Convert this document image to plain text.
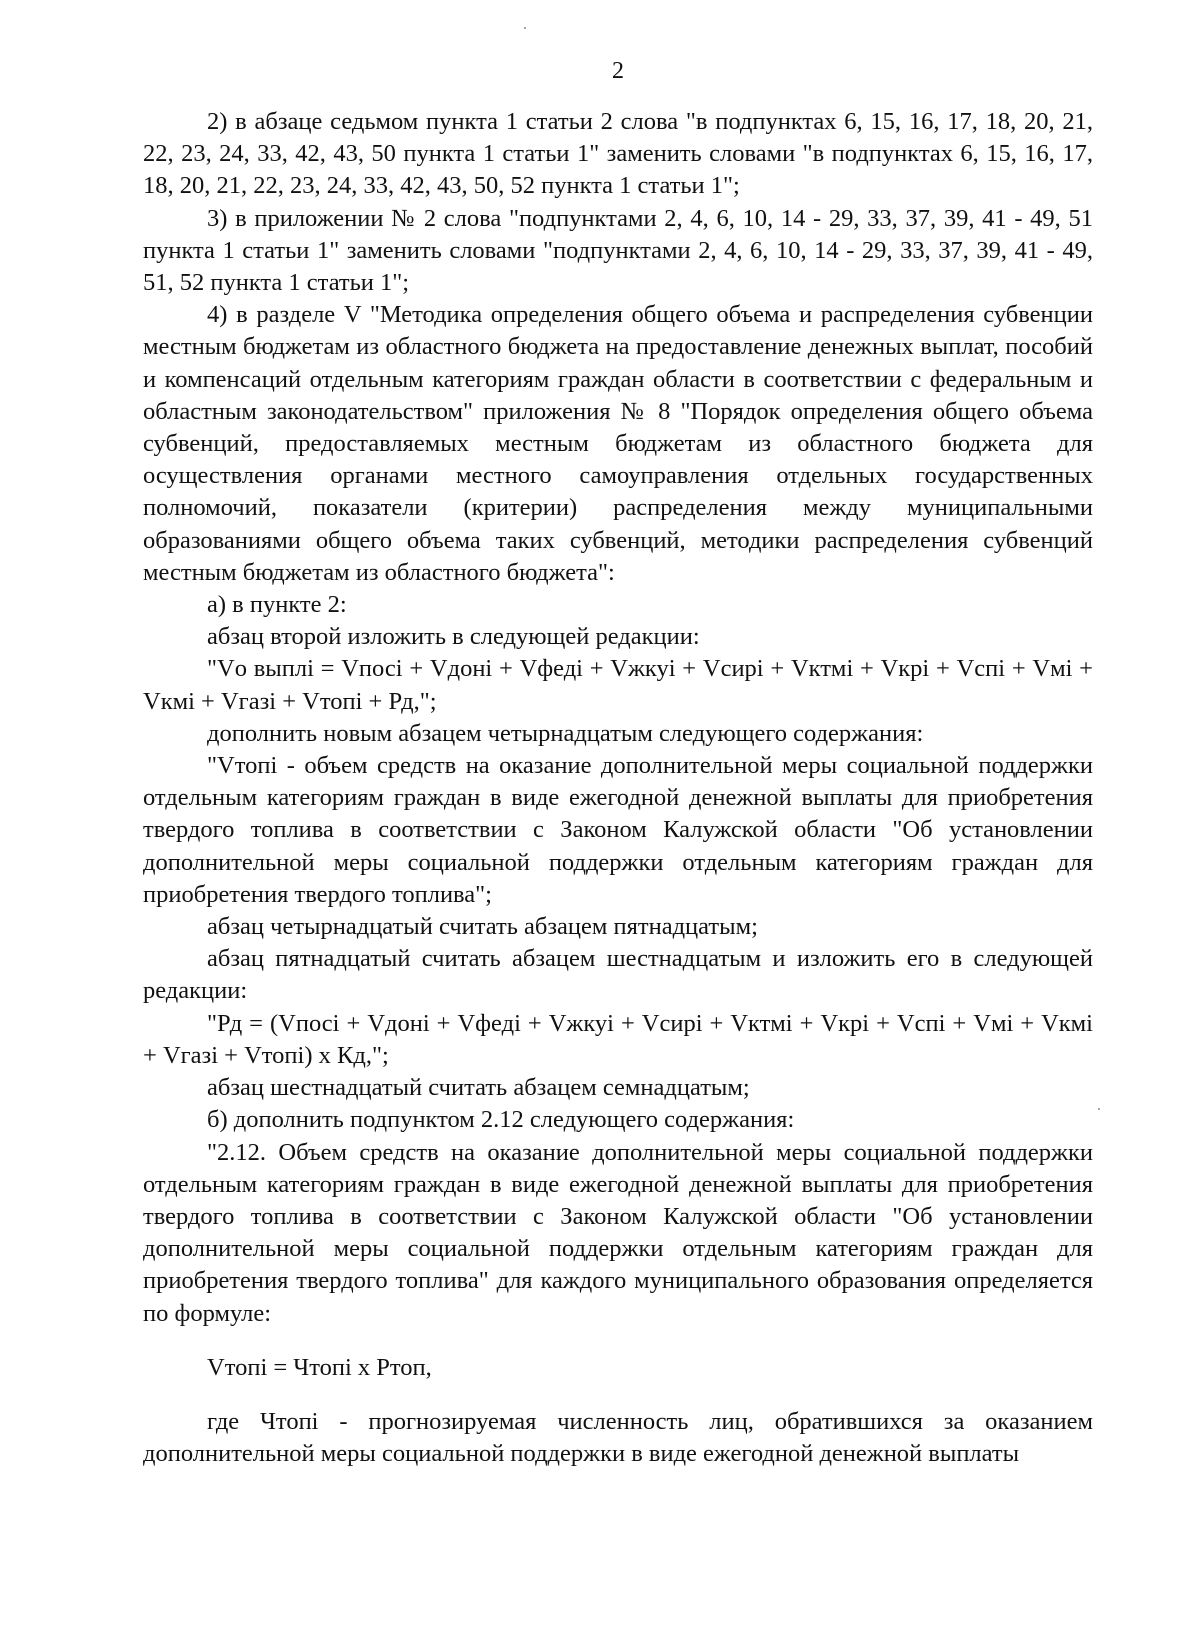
2

2) в абзаце седьмом пункта 1 статьи 2 слова "в подпунктах 6, 15, 16, 17, 18, 20, 21, 22, 23, 24, 33, 42, 43, 50 пункта 1 статьи 1" заменить словами "в подпунктах 6, 15, 16, 17, 18, 20, 21, 22, 23, 24, 33, 42, 43, 50, 52 пункта 1 статьи 1";

3) в приложении № 2 слова "подпунктами 2, 4, 6, 10, 14 - 29, 33, 37, 39, 41 - 49, 51 пункта 1 статьи 1" заменить словами "подпунктами 2, 4, 6, 10, 14 - 29, 33, 37, 39, 41 - 49, 51, 52 пункта 1 статьи 1";

4) в разделе V "Методика определения общего объема и распределения субвенции местным бюджетам из областного бюджета на предоставление денежных выплат, пособий и компенсаций отдельным категориям граждан области в соответствии с федеральным и областным законодательством" приложения № 8 "Порядок определения общего объема субвенций, предоставляемых местным бюджетам из областного бюджета для осуществления органами местного самоуправления отдельных государственных полномочий, показатели (критерии) распределения между муниципальными образованиями общего объема таких субвенций, методики распределения субвенций местным бюджетам из областного бюджета":

а) в пункте 2:

абзац второй изложить в следующей редакции:

"Vо выплі = Vпосі + Vдоні + Vфеді + Vжкуі + Vсирі + Vктмі + Vкрі + Vспі + Vмі + Vкмі + Vгазі + Vтопі + Рд,";

дополнить новым абзацем четырнадцатым следующего содержания:

"Vтопі - объем средств на оказание дополнительной меры социальной поддержки отдельным категориям граждан в виде ежегодной денежной выплаты для приобретения твердого топлива в соответствии с Законом Калужской области "Об установлении дополнительной меры социальной поддержки отдельным категориям граждан для приобретения твердого топлива";

абзац четырнадцатый считать абзацем пятнадцатым;

абзац пятнадцатый считать абзацем шестнадцатым и изложить его в следующей редакции:

"Рд = (Vпосі + Vдоні + Vфеді + Vжкуі + Vсирі + Vктмі + Vкрі + Vспі + Vмі + Vкмі + Vгазі + Vтопі) х Кд,";

абзац шестнадцатый считать абзацем семнадцатым;

б) дополнить подпунктом 2.12 следующего содержания:

"2.12. Объем средств на оказание дополнительной меры социальной поддержки отдельным категориям граждан в виде ежегодной денежной выплаты для приобретения твердого топлива в соответствии с Законом Калужской области "Об установлении дополнительной меры социальной поддержки отдельным категориям граждан для приобретения твердого топлива" для каждого муниципального образования определяется по формуле:

Vтопі = Чтопі х Ртоп,

где Чтопі - прогнозируемая численность лиц, обратившихся за оказанием дополнительной меры социальной поддержки в виде ежегодной денежной выплаты
